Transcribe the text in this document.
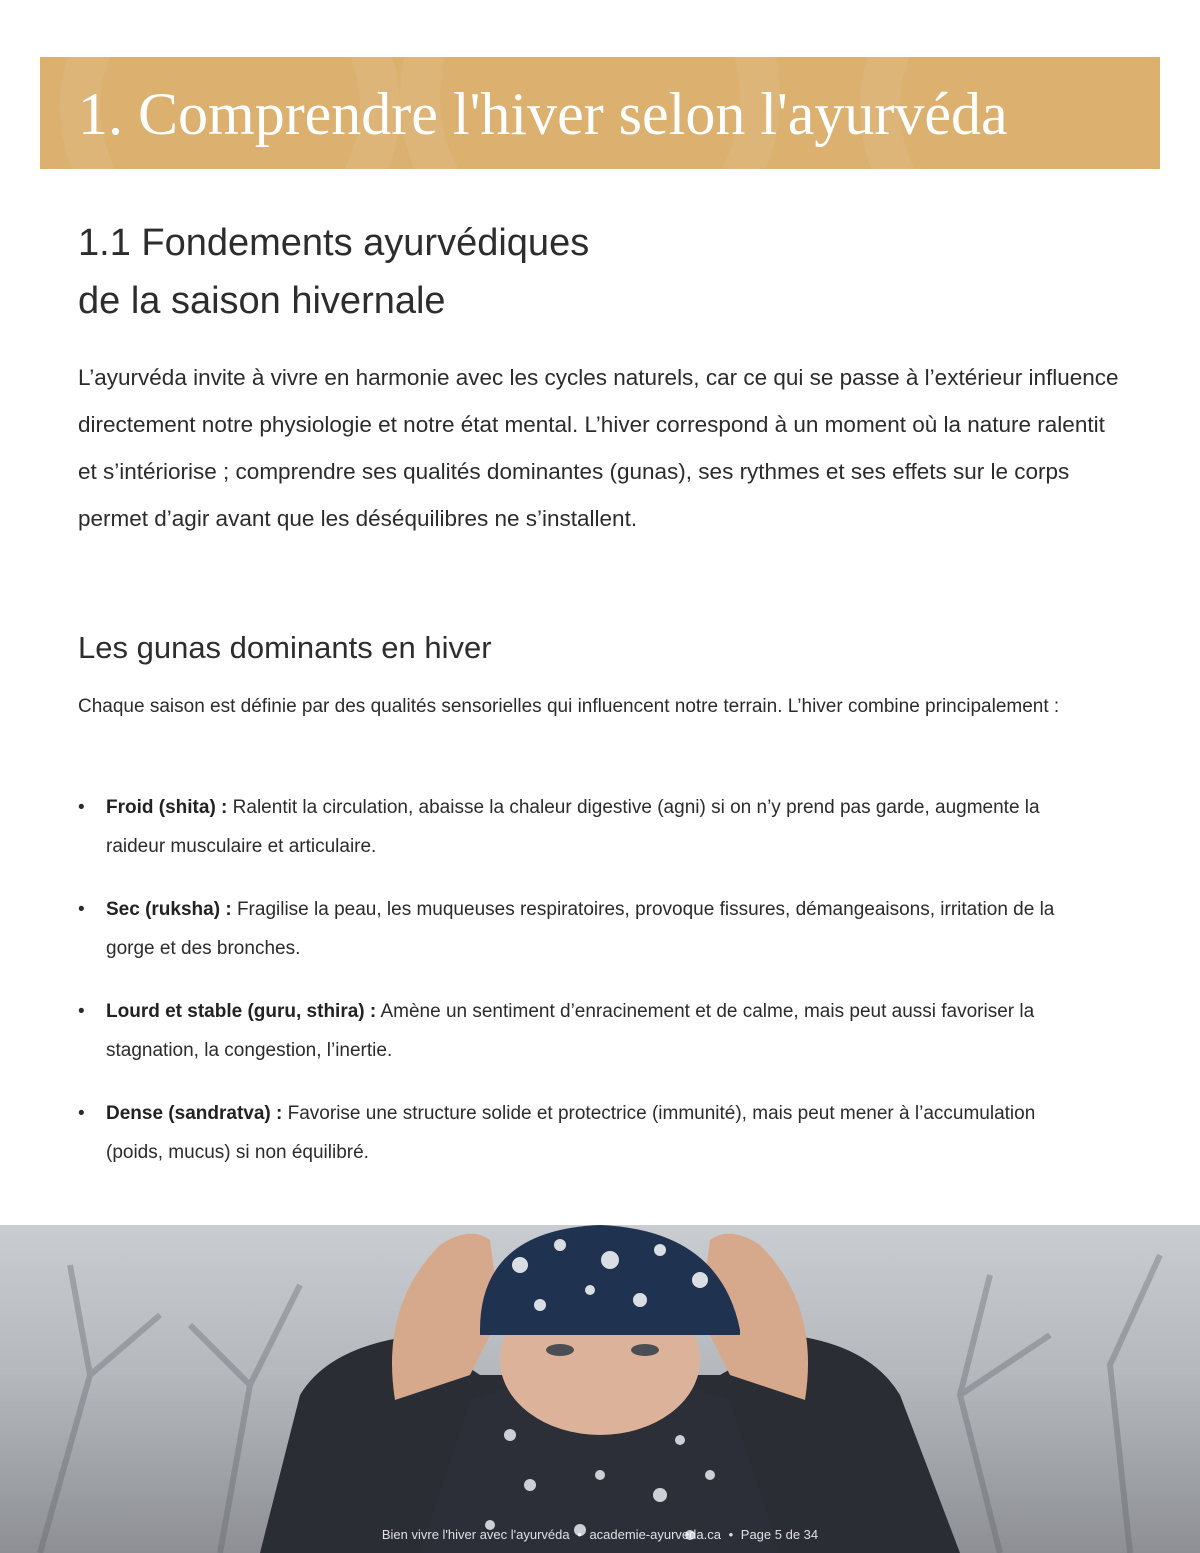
1. Comprendre l'hiver selon l'ayurvéda
1.1 Fondements ayurvédiques
de la saison hivernale

L’ayurvéda invite à vivre en harmonie avec les cycles naturels, car ce qui se passe à l’extérieur influence directement notre physiologie et notre état mental. L’hiver correspond à un moment où la nature ralentit et s’intériorise ; comprendre ses qualités dominantes (gunas), ses rythmes et ses effets sur le corps permet d’agir avant que les déséquilibres ne s’installent.

Les gunas dominants en hiver

Chaque saison est définie par des qualités sensorielles qui influencent notre terrain. L’hiver combine principalement :

• Froid (shita) : Ralentit la circulation, abaisse la chaleur digestive (agni) si on n’y prend pas garde, augmente la raideur musculaire et articulaire.
• Sec (ruksha) : Fragilise la peau, les muqueuses respiratoires, provoque fissures, démangeaisons, irritation de la gorge et des bronches.
• Lourd et stable (guru, sthira) : Amène un sentiment d’enracinement et de calme, mais peut aussi favoriser la stagnation, la congestion, l’inertie.
• Dense (sandratva) : Favorise une structure solide et protectrice (immunité), mais peut mener à l’accumulation (poids, mucus) si non équilibré.
Bien vivre l'hiver avec l'ayurvéda • academie-ayurveda.ca • Page 5 de 34
